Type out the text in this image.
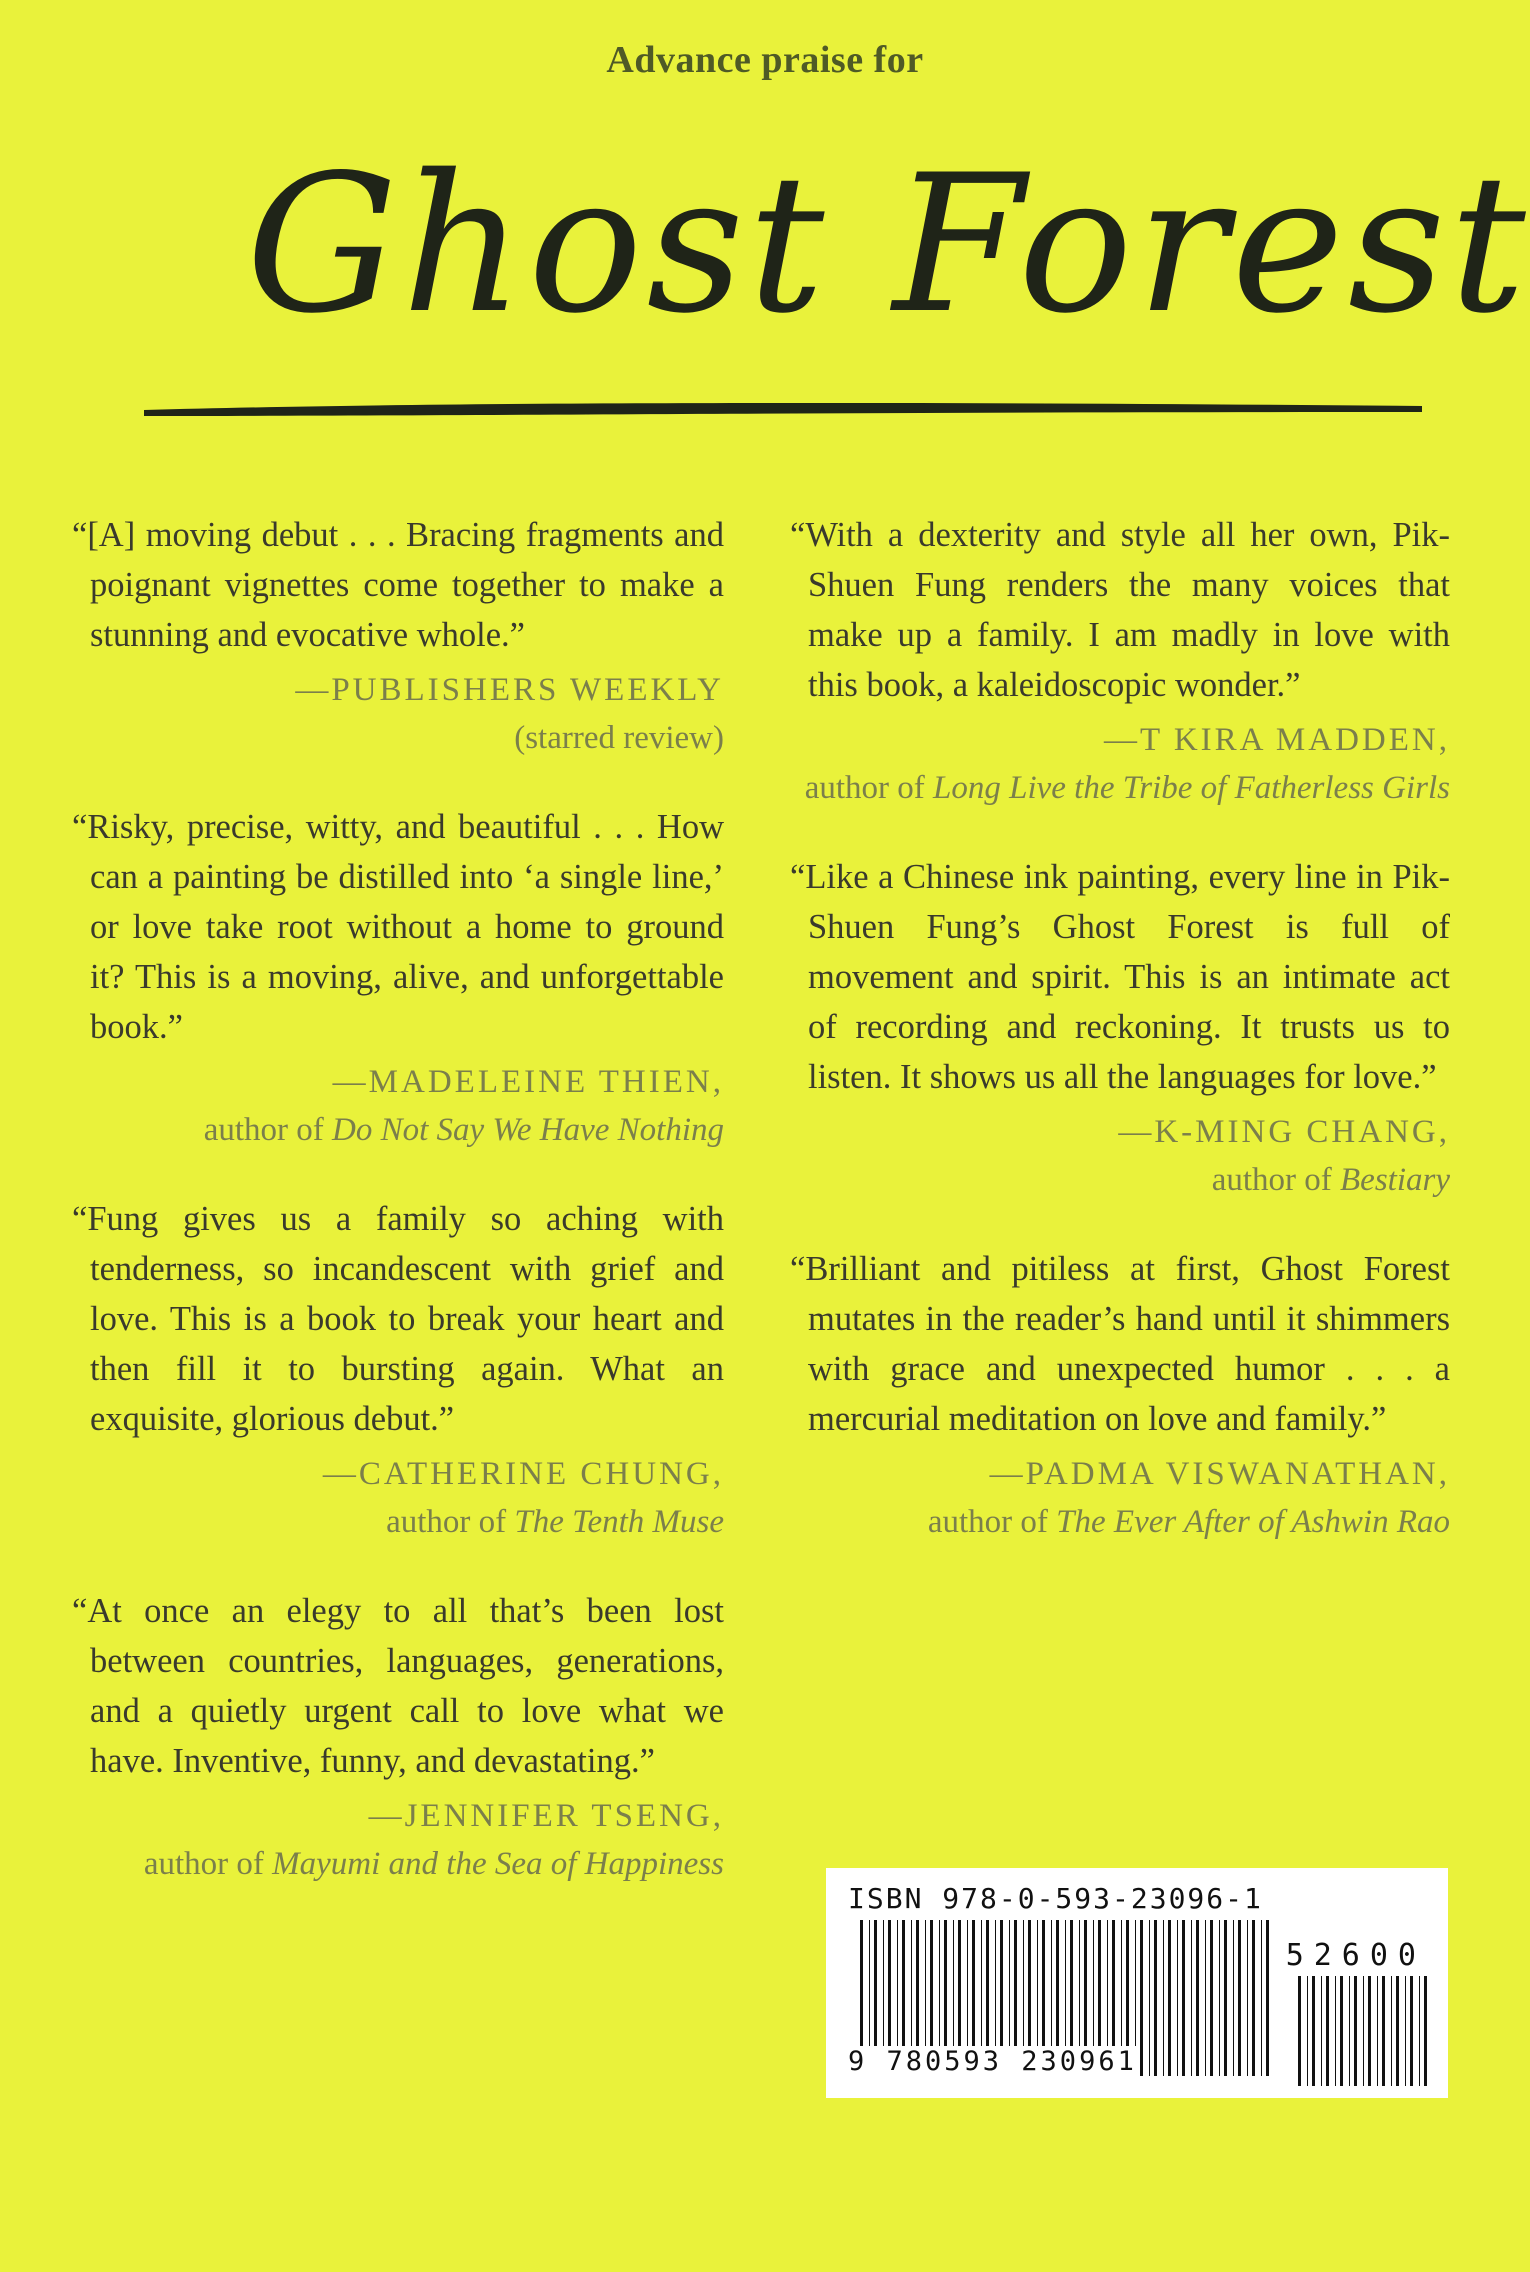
Advance praise for
Ghost Forest

“[A] moving debut . . . Bracing fragments and poignant vignettes come together to make a stunning and evocative whole.”

—PUBLISHERS WEEKLY
(starred review)

“Risky, precise, witty, and beautiful . . . How can a painting be distilled into ‘a single line,’ or love take root without a home to ground it? This is a moving, alive, and unforgettable book.”

—MADELEINE THIEN,
author of Do Not Say We Have Nothing

“Fung gives us a family so aching with tenderness, so incandescent with grief and love. This is a book to break your heart and then fill it to bursting again. What an exquisite, glorious debut.”

—CATHERINE CHUNG,
author of The Tenth Muse

“At once an elegy to all that’s been lost between countries, languages, generations, and a quietly urgent call to love what we have. Inventive, funny, and devastating.”

—JENNIFER TSENG,
author of Mayumi and the Sea of Happiness

“With a dexterity and style all her own, Pik-Shuen Fung renders the many voices that make up a family. I am madly in love with this book, a kaleidoscopic wonder.”

—T KIRA MADDEN,
author of Long Live the Tribe of Fatherless Girls

“Like a Chinese ink painting, every line in Pik-Shuen Fung’s Ghost Forest is full of movement and spirit. This is an intimate act of recording and reckoning. It trusts us to listen. It shows us all the languages for love.”

—K-MING CHANG,
author of Bestiary

“Brilliant and pitiless at first, Ghost Forest mutates in the reader’s hand until it shimmers with grace and unexpected humor . . . a mercurial meditation on love and family.”

—PADMA VISWANATHAN,
author of The Ever After of Ashwin Rao

ISBN 978-0-593-23096-1
52600
9 780593 230961
